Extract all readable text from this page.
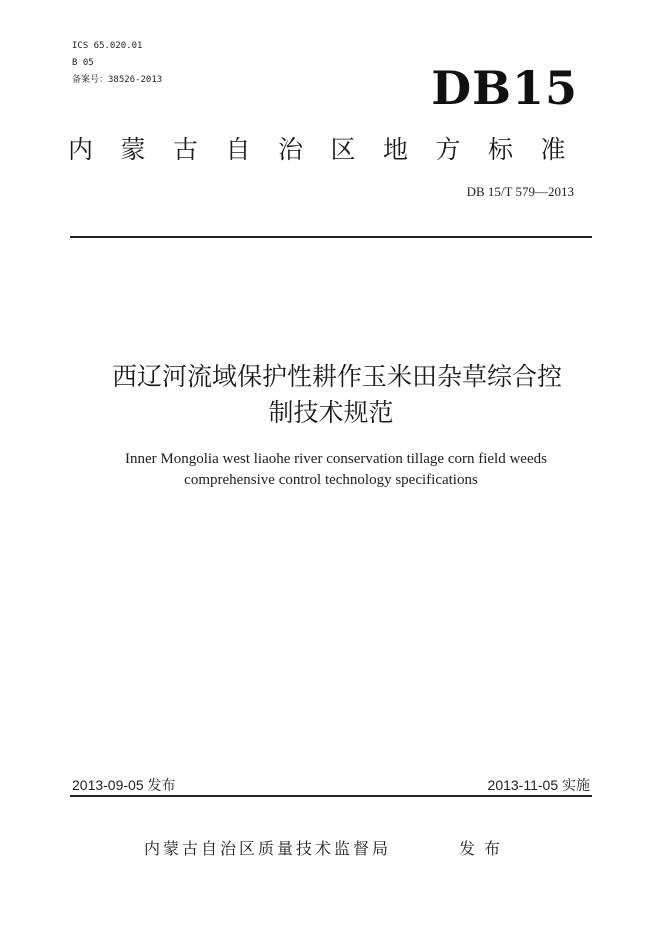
ICS 65.020.01
B 05
备案号：38526-2013	DB15
内蒙古自治区地方标准
DB 15/T 579—2013
西辽河流域保护性耕作玉米田杂草综合控
制技术规范
Inner Mongolia west liaohe river conservation tillage corn field weeds
comprehensive control technology specifications
2013-09-05 发布	2013-11-05 实施
内蒙古自治区质量技术监督局	发布
